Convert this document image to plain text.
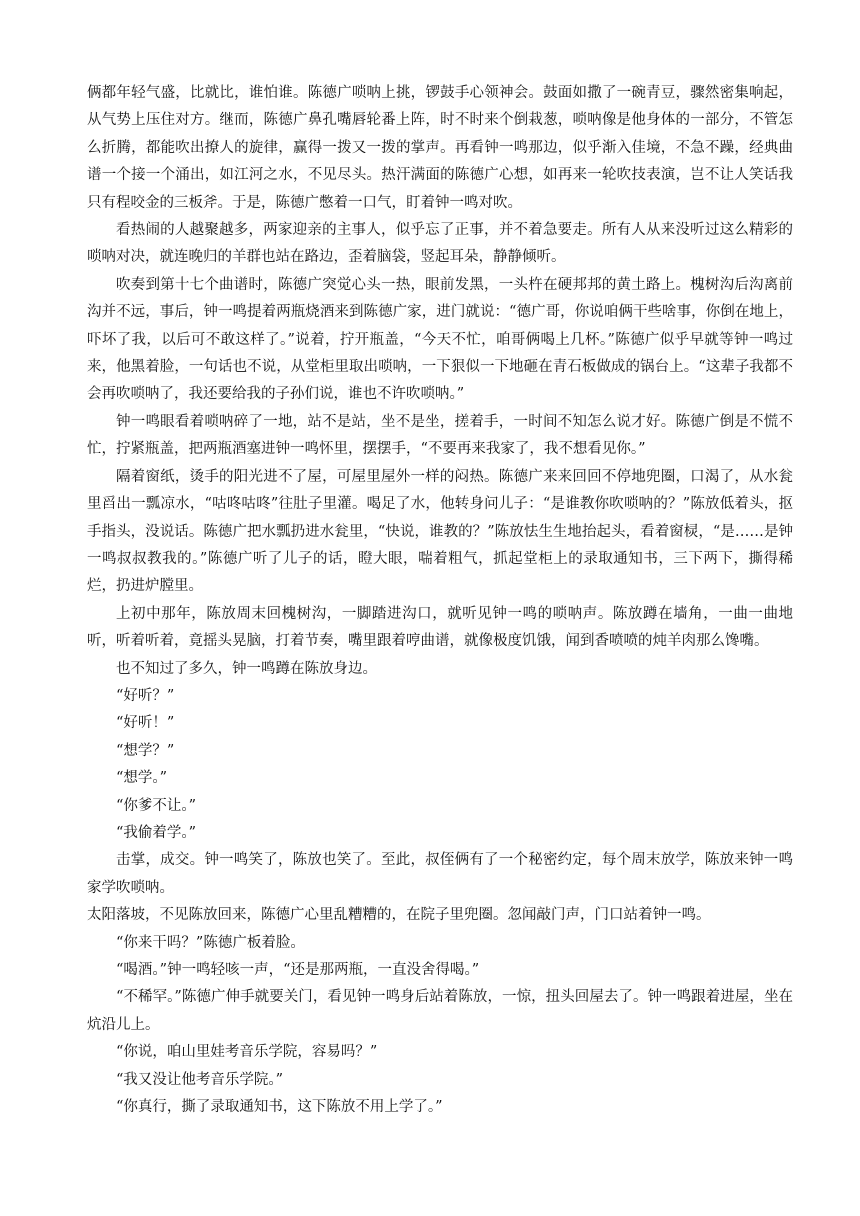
俩都年轻气盛，比就比，谁怕谁。陈德广唢呐上挑，锣鼓手心领神会。鼓面如撒了一碗青豆，骤然密集响起，从气势上压住对方。继而，陈德广鼻孔嘴唇轮番上阵，时不时来个倒栽葱，唢呐像是他身体的一部分，不管怎么折腾，都能吹出撩人的旋律，赢得一拨又一拨的掌声。再看钟一鸣那边，似乎渐入佳境，不急不躁，经典曲谱一个接一个涌出，如江河之水，不见尽头。热汗满面的陈德广心想，如再来一轮吹技表演，岂不让人笑话我只有程咬金的三板斧。于是，陈德广憋着一口气，盯着钟一鸣对吹。

看热闹的人越聚越多，两家迎亲的主事人，似乎忘了正事，并不着急要走。所有人从来没听过这么精彩的唢呐对决，就连晚归的羊群也站在路边，歪着脑袋，竖起耳朵，静静倾听。

吹奏到第十七个曲谱时，陈德广突觉心头一热，眼前发黑，一头杵在硬邦邦的黄土路上。槐树沟后沟离前沟并不远，事后，钟一鸣提着两瓶烧酒来到陈德广家，进门就说：“德广哥，你说咱俩干些啥事，你倒在地上，吓坏了我，以后可不敢这样了。”说着，拧开瓶盖，“今天不忙，咱哥俩喝上几杯。”陈德广似乎早就等钟一鸣过来，他黑着脸，一句话也不说，从堂柜里取出唢呐，一下狠似一下地砸在青石板做成的锅台上。“这辈子我都不会再吹唢呐了，我还要给我的子孙们说，谁也不许吹唢呐。”

钟一鸣眼看着唢呐碎了一地，站不是站，坐不是坐，搓着手，一时间不知怎么说才好。陈德广倒是不慌不忙，拧紧瓶盖，把两瓶酒塞进钟一鸣怀里，摆摆手，“不要再来我家了，我不想看见你。”

隔着窗纸，烫手的阳光进不了屋，可屋里屋外一样的闷热。陈德广来来回回不停地兜圈，口渴了，从水瓮里舀出一瓢凉水，“咕咚咕咚”往肚子里灌。喝足了水，他转身问儿子：“是谁教你吹唢呐的？”陈放低着头，抠手指头，没说话。陈德广把水瓢扔进水瓮里，“快说，谁教的？”陈放怯生生地抬起头，看着窗棂，“是……是钟一鸣叔叔教我的。”陈德广听了儿子的话，瞪大眼，喘着粗气，抓起堂柜上的录取通知书，三下两下，撕得稀烂，扔进炉膛里。

上初中那年，陈放周末回槐树沟，一脚踏进沟口，就听见钟一鸣的唢呐声。陈放蹲在墙角，一曲一曲地听，听着听着，竟摇头晃脑，打着节奏，嘴里跟着哼曲谱，就像极度饥饿，闻到香喷喷的炖羊肉那么馋嘴。

也不知过了多久，钟一鸣蹲在陈放身边。

“好听？”

“好听！”

“想学？”

“想学。”

“你爹不让。”

“我偷着学。”

击掌，成交。钟一鸣笑了，陈放也笑了。至此，叔侄俩有了一个秘密约定，每个周末放学，陈放来钟一鸣家学吹唢呐。

太阳落坡，不见陈放回来，陈德广心里乱糟糟的，在院子里兜圈。忽闻敲门声，门口站着钟一鸣。

“你来干吗？”陈德广板着脸。

“喝酒。”钟一鸣轻咳一声，“还是那两瓶，一直没舍得喝。”

“不稀罕。”陈德广伸手就要关门，看见钟一鸣身后站着陈放，一惊，扭头回屋去了。钟一鸣跟着进屋，坐在炕沿儿上。

“你说，咱山里娃考音乐学院，容易吗？”

“我又没让他考音乐学院。”

“你真行，撕了录取通知书，这下陈放不用上学了。”
